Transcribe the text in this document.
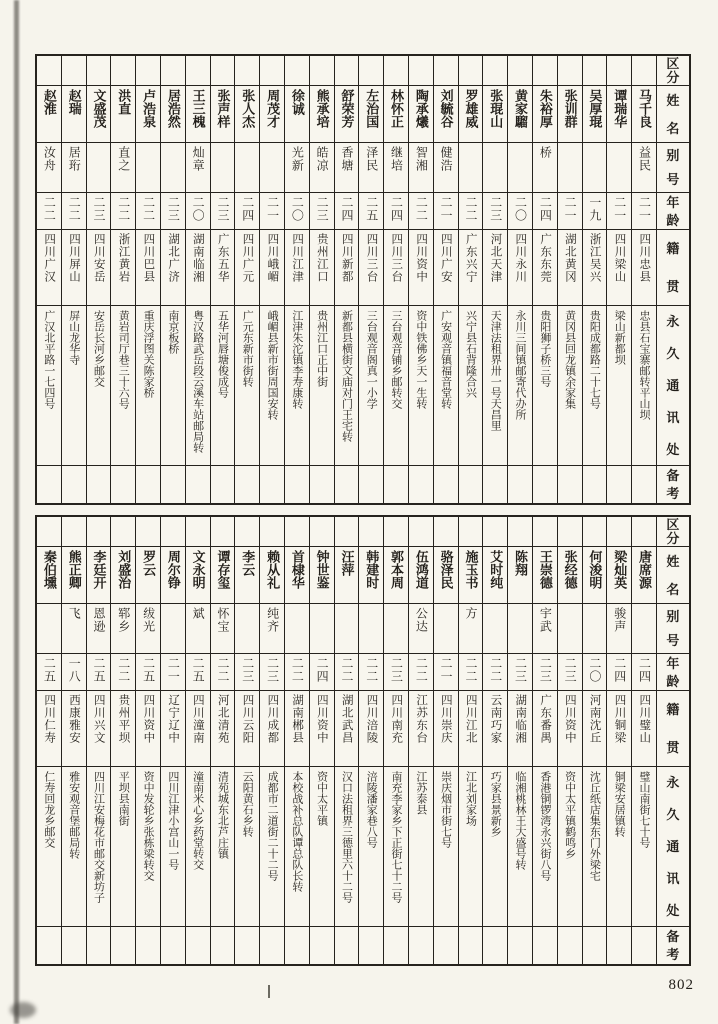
赵淮
汝舟
二二
四川广汉
广汉北平路一七四号
赵瑞
居珩
二二
四川屏山
屏山龙华寺
文盛茂
二三
四川安岳
安岳长河乡邮交
洪直
直之
二二
浙江黄岩
黄岩司厅巷三十六号
卢浩泉
二二
四川巴县
重庆浮图关陈家桥
居浩然
二三
湖北广济
南京板桥
王三槐
灿章
二〇
湖南临湘
粤汉路武岳段云溪车站邮局转
张声样
二三
广东五华
五华河唇塘俊成号
张人杰
二四
四川广元
广元东新市街转
周茂才
二一
四川峨嵋
峨嵋县新市街周国安转
徐诚
光新
二〇
四川江津
江津朱沱镇李寿康转
熊承培
皓凉
二三
贵州江口
贵州江口正中街
舒荣芳
香塘
二四
四川新都
新都县横街文庙对门王宅转
左治国
泽民
二五
四川三台
三台观音阁真一小学
林怀正
继培
二四
四川三台
三台观音铺乡邮转交
陶承爔
智湘
二二
四川资中
资中铁佛乡天一生转
刘毓谷
健浩
二一
四川广安
广安观音镇福音堂转
罗雄威
二二
广东兴宁
兴宁县石背隆合兴
张琨山
二三
河北天津
天津法租界卅一号天昌里
黄家騮
二〇
四川永川
永川三间镇邮寄代办所
朱裕厚
桥
二四
广东东莞
贵阳狮子桥三号
张训群
二一
湖北黄冈
黄冈县回龙镇余家集
吴厚琨
一九
浙江吴兴
贵阳成都路二十七号
谭瑞华
二一
四川梁山
梁山新都坝
马千良
益民
二一
四川忠县
忠县石宝寨邮转平山坝
区
分
姓
名
别
号
年
龄
籍
贯
永
久
通
讯
处
备
考
秦伯壎
二五
四川仁寿
仁寿回龙乡邮交
熊正卿
飞
一八
西康雅安
雅安观音堡邮局转
李廷开
恩逊
二五
四川兴文
四川江安梅花市邮交新坊子
刘盛治
郓乡
二二
贵州平坝
平坝县南街
罗云
绂光
二五
四川资中
资中发轮乡张栋梁转交
周尔铮
二一
辽宁辽中
四川江津小宫山一号
文永明
斌
二五
四川潼南
潼南米心乡药堂转交
谭存玺
怀宝
二二
河北清苑
清苑城东北芦庄镇
李云
二三
四川云阳
云阳黄石乡转
赖从礼
纯齐
二三
四川成都
成都市二道街二十二号
首棣华
二二
湖南郴县
本校战补总队谭总队长转
钟世鉴
二四
四川资中
资中太平镇
汪萍
二二
湖北武昌
汉口法租界三德里六十二号
韩建时
二二
四川涪陵
涪陵潘家巷八号
郭本周
二三
四川南充
南充李家乡下正街七十二号
伍鸿道
公达
二二
江苏东台
江苏泰县
骆泽民
二一
四川崇庆
崇庆烟市街七号
施玉书
方
二二
四川江北
江北刘家场
艾时纯
二二
云南巧家
巧家县景新乡
陈翔
二三
湖南临湘
临湘桃林王大盛号转
王崇德
宇武
二三
广东番禺
香港铜锣湾永兴街八号
张经德
二三
四川资中
资中太平镇鹤鸣乡
何浚明
二〇
河南沈丘
沈丘纸店集东门外梁宅
梁灿英
骏声
二四
四川铜梁
铜梁安居镇转
唐席源
二四
四川璧山
璧山南街七十号
区
分
姓
名
别
号
年
龄
籍
贯
永
久
通
讯
处
备
考
802
